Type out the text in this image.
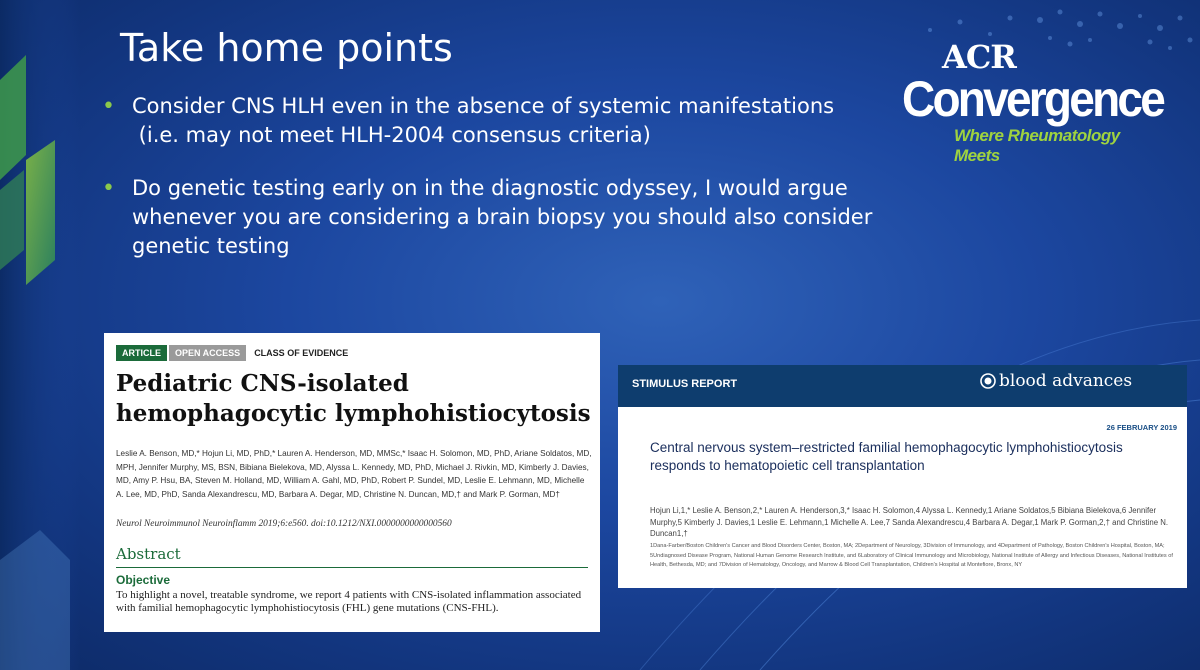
Take home points
• Consider CNS HLH even in the absence of systemic manifestations
(i.e. may not meet HLH-2004 consensus criteria)
• Do genetic testing early on in the diagnostic odyssey, I would argue whenever you are considering a brain biopsy you should also consider genetic testing
ACR
Convergence
Where Rheumatology Meets
ARTICLE	OPEN ACCESS	CLASS OF EVIDENCE
Pediatric CNS-isolated hemophagocytic lymphohistiocytosis
Leslie A. Benson, MD,* Hojun Li, MD, PhD,* Lauren A. Henderson, MD, MMSc,* Isaac H. Solomon, MD, PhD, Ariane Soldatos, MD, MPH, Jennifer Murphy, MS, BSN, Bibiana Bielekova, MD, Alyssa L. Kennedy, MD, PhD, Michael J. Rivkin, MD, Kimberly J. Davies, MD, Amy P. Hsu, BA, Steven M. Holland, MD, William A. Gahl, MD, PhD, Robert P. Sundel, MD, Leslie E. Lehmann, MD, Michelle A. Lee, MD, PhD, Sanda Alexandrescu, MD, Barbara A. Degar, MD, Christine N. Duncan, MD,† and Mark P. Gorman, MD†
Neurol Neuroimmunol Neuroinflamm 2019;6:e560. doi:10.1212/NXI.0000000000000560
Abstract
Objective
To highlight a novel, treatable syndrome, we report 4 patients with CNS-isolated inflammation associated with familial hemophagocytic lymphohistiocytosis (FHL) gene mutations (CNS-FHL).
STIMULUS REPORT	blood advances
26 FEBRUARY 2019
Central nervous system–restricted familial hemophagocytic lymphohistiocytosis responds to hematopoietic cell transplantation
Hojun Li,1,* Leslie A. Benson,2,* Lauren A. Henderson,3,* Isaac H. Solomon,4 Alyssa L. Kennedy,1 Ariane Soldatos,5 Bibiana Bielekova,6 Jennifer Murphy,5 Kimberly J. Davies,1 Leslie E. Lehmann,1 Michelle A. Lee,7 Sanda Alexandrescu,4 Barbara A. Degar,1 Mark P. Gorman,2,† and Christine N. Duncan1,†
1Dana-Farber/Boston Children's Cancer and Blood Disorders Center, Boston, MA; 2Department of Neurology, 3Division of Immunology, and 4Department of Pathology, Boston Children's Hospital, Boston, MA; 5Undiagnosed Disease Program, National Human Genome Research Institute, and 6Laboratory of Clinical Immunology and Microbiology, National Institute of Allergy and Infectious Diseases, National Institutes of Health, Bethesda, MD; and 7Division of Hematology, Oncology, and Marrow & Blood Cell Transplantation, Children's Hospital at Montefiore, Bronx, NY
